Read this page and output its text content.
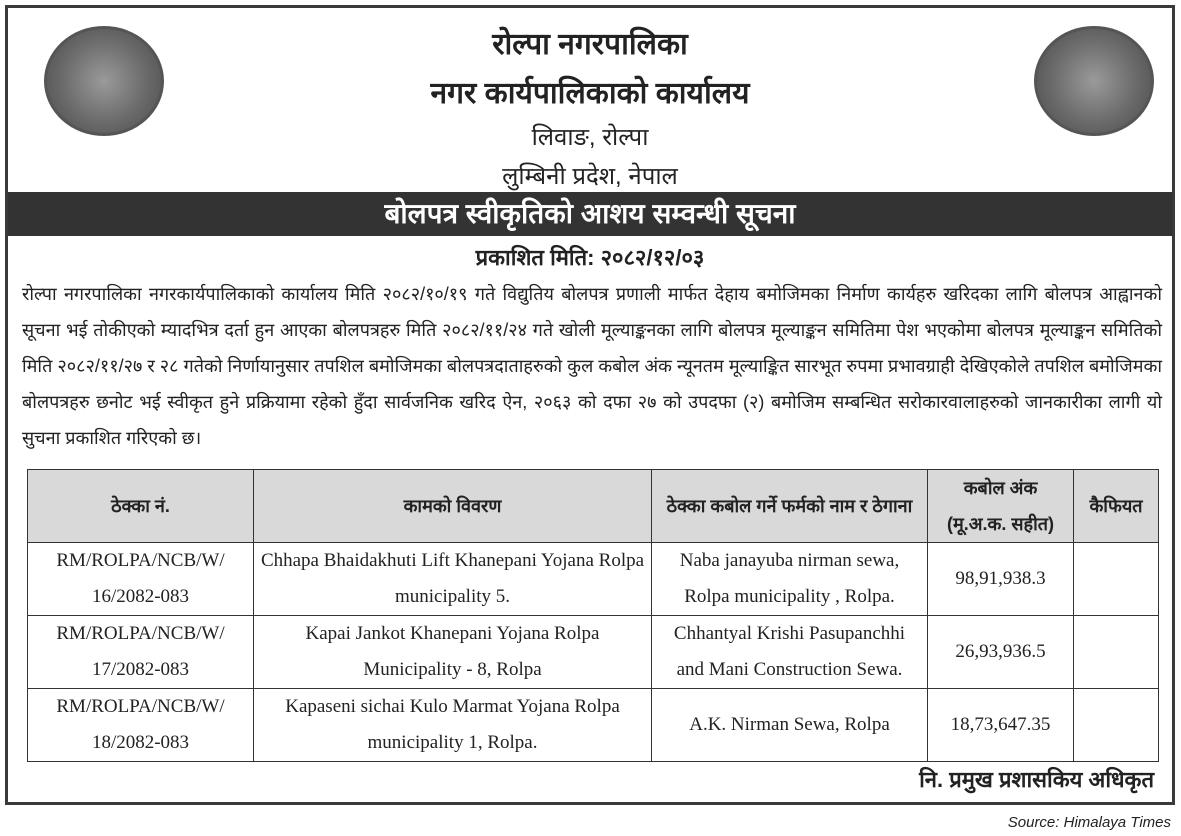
रोल्पा नगरपालिका
नगर कार्यपालिकाको कार्यालय
लिवाङ, रोल्पा
लुम्बिनी प्रदेश, नेपाल
बोलपत्र स्वीकृतिको आशय सम्वन्धी सूचना
प्रकाशित मिति: २०८२/१२/०३
रोल्पा नगरपालिका नगरकार्यपालिकाको कार्यालय मिति २०८२/१०/१९ गते विद्युतिय बोलपत्र प्रणाली मार्फत देहाय बमोजिमका निर्माण कार्यहरु खरिदका लागि बोलपत्र आह्वानको सूचना भई तोकीएको म्यादभित्र दर्ता हुन आएका बोलपत्रहरु मिति २०८२/११/२४ गते खोली मूल्याङ्कनका लागि बोलपत्र मूल्याङ्कन समितिमा पेश भएकोमा बोलपत्र मूल्याङ्कन समितिको मिति २०८२/११/२७ र २८ गतेको निर्णायानुसार तपशिल बमोजिमका बोलपत्रदाताहरुको कुल कबोल अंक न्यूनतम मूल्याङ्कित सारभूत रुपमा प्रभावग्राही देखिएकोले तपशिल बमोजिमका बोलपत्रहरु छनोट भई स्वीकृत हुने प्रक्रियामा रहेको हुँदा सार्वजनिक खरिद ऐन, २०६३ को दफा २७ को उपदफा (२) बमोजिम सम्बन्धित सरोकारवालाहरुको जानकारीका लागी यो सुचना प्रकाशित गरिएको छ।
ठेक्का नं.	कामको विवरण	ठेक्का कबोल गर्ने फर्मको नाम र ठेगाना	कबोल अंक (मू.अ.क. सहीत)	कैफियत
RM/ROLPA/NCB/W/ 16/2082-083	Chhapa Bhaidakhuti Lift Khanepani Yojana Rolpa municipality 5.	Naba janayuba nirman sewa, Rolpa municipality , Rolpa.	98,91,938.3	
RM/ROLPA/NCB/W/ 17/2082-083	Kapai Jankot Khanepani Yojana Rolpa Municipality - 8, Rolpa	Chhantyal Krishi Pasupanchhi and Mani Construction Sewa.	26,93,936.5	
RM/ROLPA/NCB/W/ 18/2082-083	Kapaseni sichai Kulo Marmat Yojana Rolpa municipality 1, Rolpa.	A.K. Nirman Sewa, Rolpa	18,73,647.35	
नि. प्रमुख प्रशासकिय अधिकृत
Source: Himalaya Times
